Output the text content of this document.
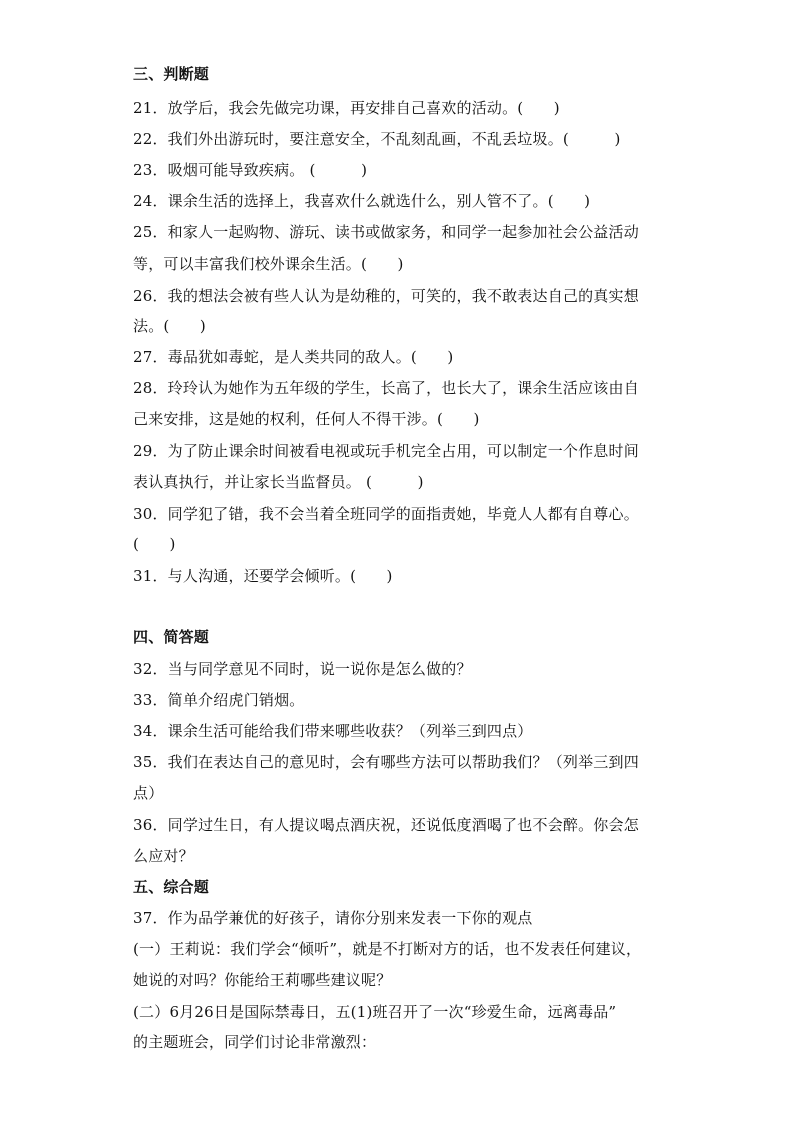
三、判断题
21．放学后，我会先做完功课，再安排自己喜欢的活动。(　　)
22．我们外出游玩时，要注意安全，不乱刻乱画，不乱丢垃圾。(　　　)
23．吸烟可能导致疾病。 (　　　)
24．课余生活的选择上，我喜欢什么就选什么，别人管不了。(　　)
25．和家人一起购物、游玩、读书或做家务，和同学一起参加社会公益活动
等，可以丰富我们校外课余生活。(　　)
26．我的想法会被有些人认为是幼稚的，可笑的，我不敢表达自己的真实想
法。(　　)
27．毒品犹如毒蛇，是人类共同的敌人。(　　)
28．玲玲认为她作为五年级的学生，长高了，也长大了，课余生活应该由自
己来安排，这是她的权利，任何人不得干涉。(　　)
29．为了防止课余时间被看电视或玩手机完全占用，可以制定一个作息时间
表认真执行，并让家长当监督员。 (　　　)
30．同学犯了错，我不会当着全班同学的面指责她，毕竟人人都有自尊心。
(　　)
31．与人沟通，还要学会倾听。(　　)
四、简答题
32．当与同学意见不同时，说一说你是怎么做的？
33．简单介绍虎门销烟。
34．课余生活可能给我们带来哪些收获？（列举三到四点）
35．我们在表达自己的意见时，会有哪些方法可以帮助我们？（列举三到四
点）
36．同学过生日，有人提议喝点酒庆祝，还说低度酒喝了也不会醉。你会怎
么应对？
五、综合题
37．作为品学兼优的好孩子，请你分别来发表一下你的观点
(一）王莉说：我们学会“倾听”，就是不打断对方的话，也不发表任何建议，
她说的对吗？你能给王莉哪些建议呢？
(二）6月26日是国际禁毒日，五(1)班召开了一次“珍爱生命，远离毒品”
的主题班会，同学们讨论非常激烈：
